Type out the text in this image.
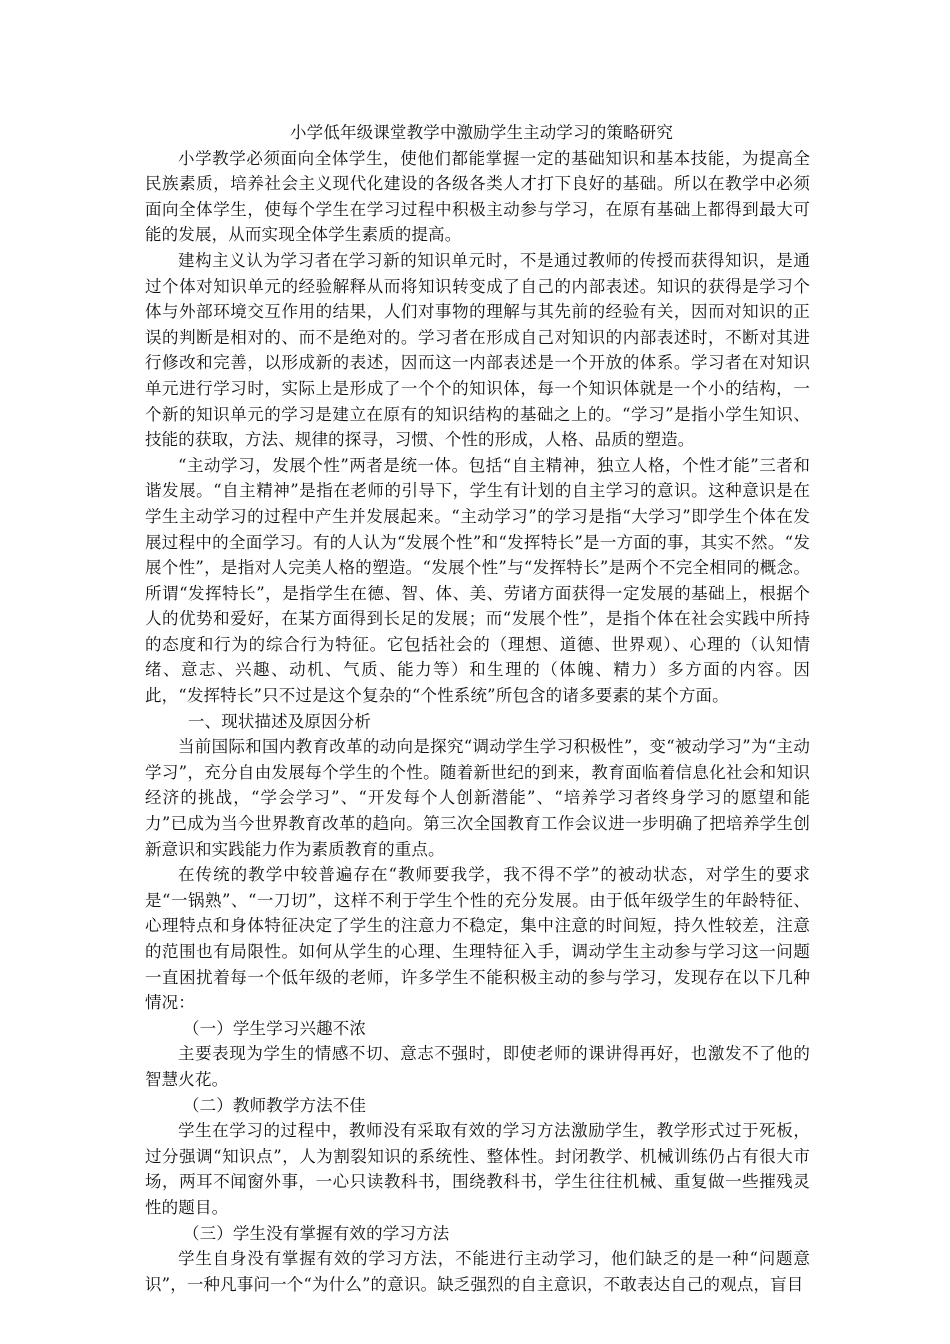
小学低年级课堂教学中激励学生主动学习的策略研究

小学教学必须面向全体学生，使他们都能掌握一定的基础知识和基本技能，为提高全民族素质，培养社会主义现代化建设的各级各类人才打下良好的基础。所以在教学中必须面向全体学生，使每个学生在学习过程中积极主动参与学习，在原有基础上都得到最大可能的发展，从而实现全体学生素质的提高。

建构主义认为学习者在学习新的知识单元时，不是通过教师的传授而获得知识，是通过个体对知识单元的经验解释从而将知识转变成了自己的内部表述。知识的获得是学习个体与外部环境交互作用的结果，人们对事物的理解与其先前的经验有关，因而对知识的正误的判断是相对的、而不是绝对的。学习者在形成自己对知识的内部表述时，不断对其进行修改和完善，以形成新的表述，因而这一内部表述是一个开放的体系。学习者在对知识单元进行学习时，实际上是形成了一个个的知识体，每一个知识体就是一个小的结构，一个新的知识单元的学习是建立在原有的知识结构的基础之上的。“学习”是指小学生知识、技能的获取，方法、规律的探寻，习惯、个性的形成，人格、品质的塑造。

“主动学习，发展个性”两者是统一体。包括“自主精神，独立人格，个性才能”三者和谐发展。“自主精神”是指在老师的引导下，学生有计划的自主学习的意识。这种意识是在学生主动学习的过程中产生并发展起来。“主动学习”的学习是指“大学习”即学生个体在发展过程中的全面学习。有的人认为“发展个性”和“发挥特长”是一方面的事，其实不然。“发展个性”，是指对人完美人格的塑造。“发展个性”与“发挥特长”是两个不完全相同的概念。所谓“发挥特长”，是指学生在德、智、体、美、劳诸方面获得一定发展的基础上，根据个人的优势和爱好，在某方面得到长足的发展；而“发展个性”，是指个体在社会实践中所持的态度和行为的综合行为特征。它包括社会的（理想、道德、世界观）、心理的（认知情绪、意志、兴趣、动机、气质、能力等）和生理的（体魄、精力）多方面的内容。因此，“发挥特长”只不过是这个复杂的“个性系统”所包含的诸多要素的某个方面。

一、现状描述及原因分析

当前国际和国内教育改革的动向是探究“调动学生学习积极性”，变“被动学习”为“主动学习”，充分自由发展每个学生的个性。随着新世纪的到来，教育面临着信息化社会和知识经济的挑战，“学会学习”、“开发每个人创新潜能”、“培养学习者终身学习的愿望和能力”已成为当今世界教育改革的趋向。第三次全国教育工作会议进一步明确了把培养学生创新意识和实践能力作为素质教育的重点。

在传统的教学中较普遍存在“教师要我学，我不得不学”的被动状态，对学生的要求是“一锅熟”、“一刀切”，这样不利于学生个性的充分发展。由于低年级学生的年龄特征、心理特点和身体特征决定了学生的注意力不稳定，集中注意的时间短，持久性较差，注意的范围也有局限性。如何从学生的心理、生理特征入手，调动学生主动参与学习这一问题一直困扰着每一个低年级的老师，许多学生不能积极主动的参与学习，发现存在以下几种情况：

（一）学生学习兴趣不浓

主要表现为学生的情感不切、意志不强时，即使老师的课讲得再好，也激发不了他的智慧火花。

（二）教师教学方法不佳

学生在学习的过程中，教师没有采取有效的学习方法激励学生，教学形式过于死板，过分强调“知识点”，人为割裂知识的系统性、整体性。封闭教学、机械训练仍占有很大市场，两耳不闻窗外事，一心只读教科书，围绕教科书，学生往往机械、重复做一些摧残灵性的题目。

（三）学生没有掌握有效的学习方法

学生自身没有掌握有效的学习方法，不能进行主动学习，他们缺乏的是一种“问题意识”，一种凡事问一个“为什么”的意识。缺乏强烈的自主意识，不敢表达自己的观点，盲目
